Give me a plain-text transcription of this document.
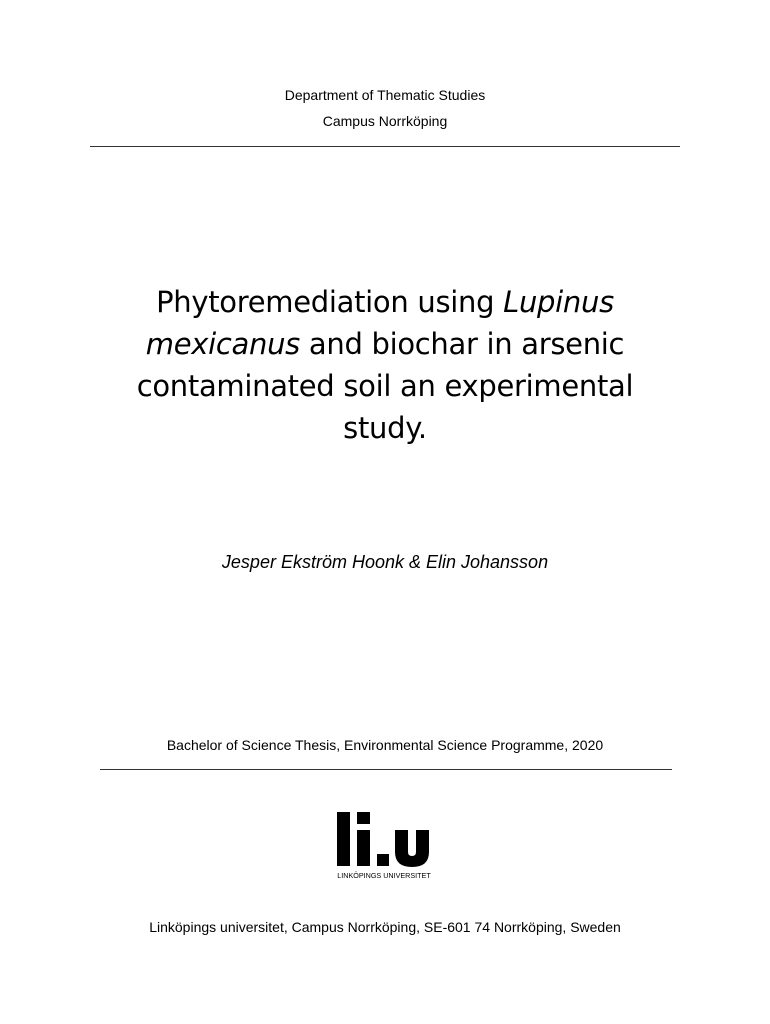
Department of Thematic Studies
Campus Norrköping
Phytoremediation using Lupinus
mexicanus and biochar in arsenic contaminated soil an experimental study.
Jesper Ekström Hoonk & Elin Johansson
Bachelor of Science Thesis, Environmental Science Programme, 2020
LINKÖPINGS UNIVERSITET
Linköpings universitet, Campus Norrköping, SE-601 74 Norrköping, Sweden
